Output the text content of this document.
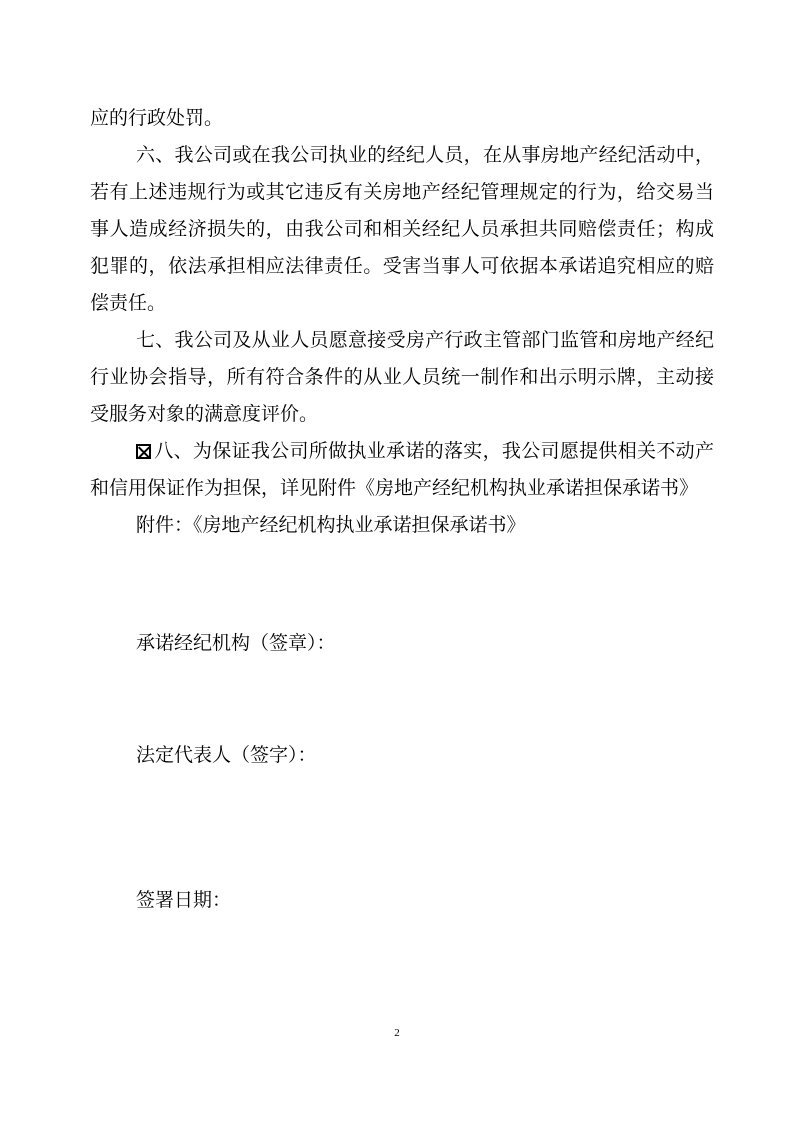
应的行政处罚。

六、我公司或在我公司执业的经纪人员，在从事房地产经纪活动中，若有上述违规行为或其它违反有关房地产经纪管理规定的行为，给交易当事人造成经济损失的，由我公司和相关经纪人员承担共同赔偿责任；构成犯罪的，依法承担相应法律责任。受害当事人可依据本承诺追究相应的赔偿责任。

七、我公司及从业人员愿意接受房产行政主管部门监管和房地产经纪行业协会指导，所有符合条件的从业人员统一制作和出示明示牌，主动接受服务对象的满意度评价。

八、为保证我公司所做执业承诺的落实，我公司愿提供相关不动产和信用保证作为担保，详见附件《房地产经纪机构执业承诺担保承诺书》

附件：《房地产经纪机构执业承诺担保承诺书》

承诺经纪机构（签章）：
法定代表人（签字）：
签署日期：
2
